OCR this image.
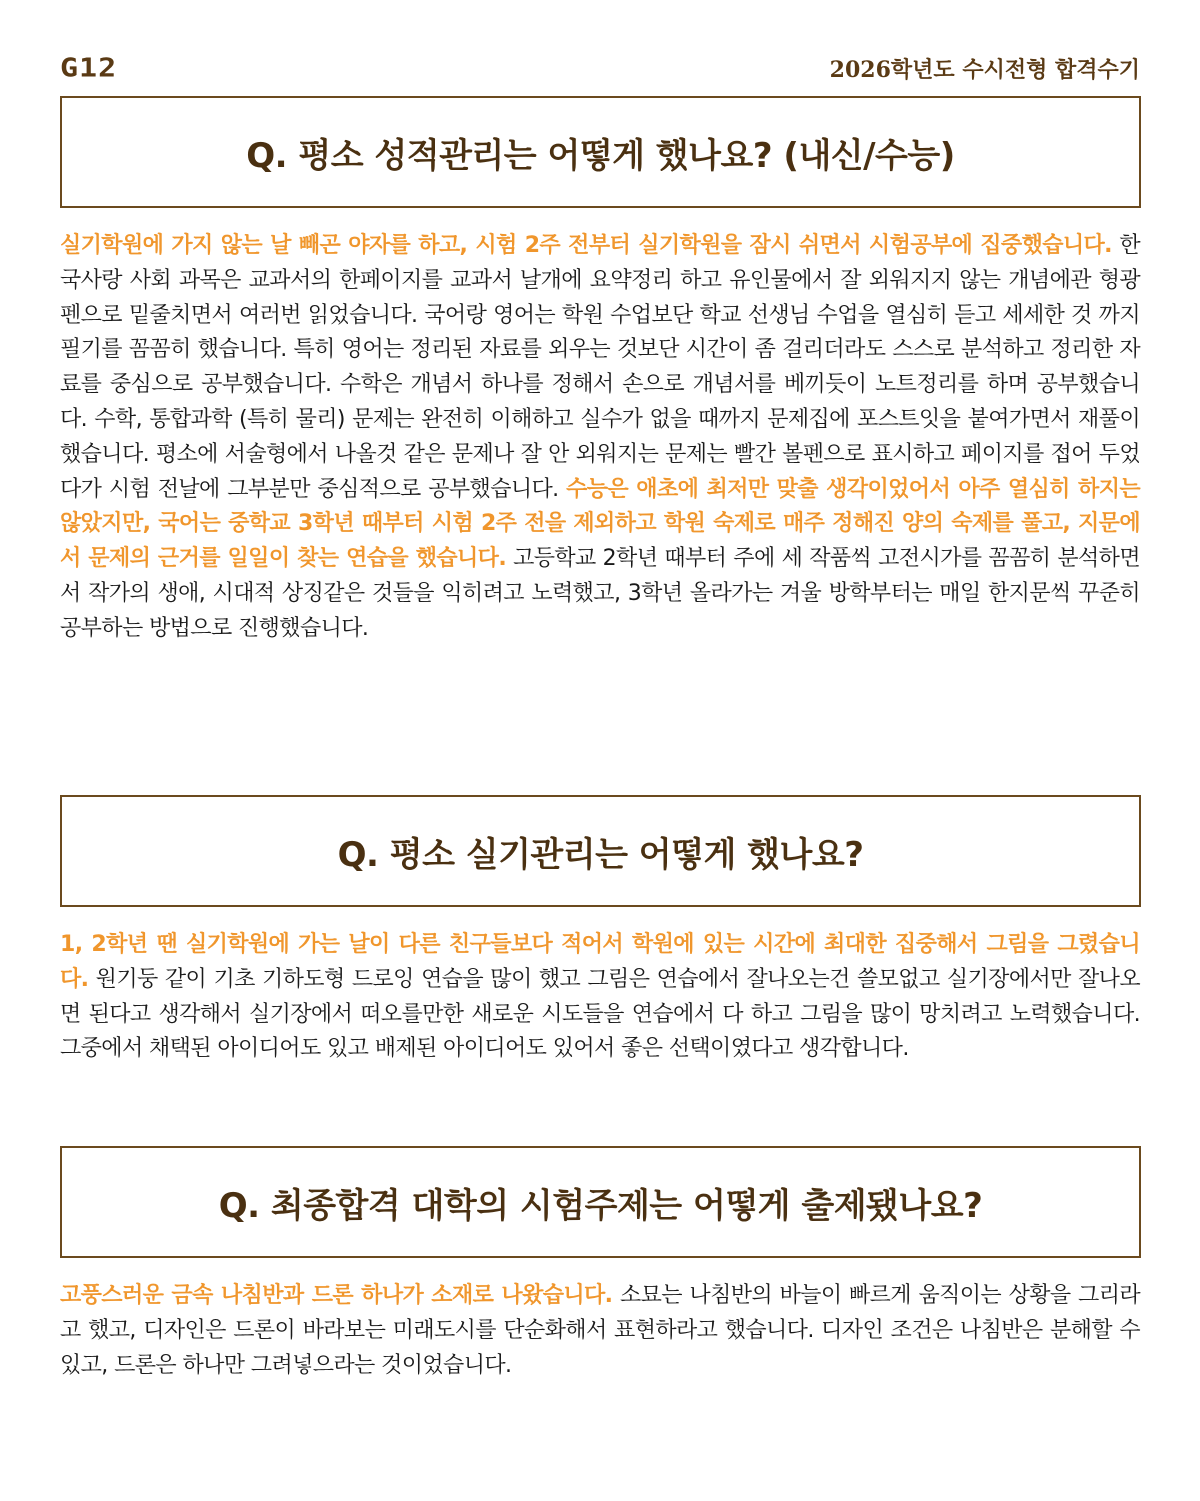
G12	2026학년도 수시전형 합격수기
Q. 평소 성적관리는 어떻게 했나요? (내신/수능)

실기학원에 가지 않는 날 빼곤 야자를 하고, 시험 2주 전부터 실기학원을 잠시 쉬면서 시험공부에 집중했습니다. 한국사랑 사회 과목은 교과서의 한페이지를 교과서 날개에 요약정리 하고 유인물에서 잘 외워지지 않는 개념에관 형광펜으로 밑줄치면서 여러번 읽었습니다. 국어랑 영어는 학원 수업보단 학교 선생님 수업을 열심히 듣고 세세한 것 까지 필기를 꼼꼼히 했습니다. 특히 영어는 정리된 자료를 외우는 것보단 시간이 좀 걸리더라도 스스로 분석하고 정리한 자료를 중심으로 공부했습니다. 수학은 개념서 하나를 정해서 손으로 개념서를 베끼듯이 노트정리를 하며 공부했습니다. 수학, 통합과학 (특히 물리) 문제는 완전히 이해하고 실수가 없을 때까지 문제집에 포스트잇을 붙여가면서 재풀이했습니다. 평소에 서술형에서 나올것 같은 문제나 잘 안 외워지는 문제는 빨간 볼펜으로 표시하고 페이지를 접어 두었다가 시험 전날에 그부분만 중심적으로 공부했습니다. 수능은 애초에 최저만 맞출 생각이었어서 아주 열심히 하지는 않았지만, 국어는 중학교 3학년 때부터 시험 2주 전을 제외하고 학원 숙제로 매주 정해진 양의 숙제를 풀고, 지문에서 문제의 근거를 일일이 찾는 연습을 했습니다. 고등학교 2학년 때부터 주에 세 작품씩 고전시가를 꼼꼼히 분석하면서 작가의 생애, 시대적 상징같은 것들을 익히려고 노력했고, 3학년 올라가는 겨울 방학부터는 매일 한지문씩 꾸준히 공부하는 방법으로 진행했습니다.

Q. 평소 실기관리는 어떻게 했나요?

1, 2학년 땐 실기학원에 가는 날이 다른 친구들보다 적어서 학원에 있는 시간에 최대한 집중해서 그림을 그렸습니다. 원기둥 같이 기초 기하도형 드로잉 연습을 많이 했고 그림은 연습에서 잘나오는건 쓸모없고 실기장에서만 잘나오면 된다고 생각해서 실기장에서 떠오를만한 새로운 시도들을 연습에서 다 하고 그림을 많이 망치려고 노력했습니다. 그중에서 채택된 아이디어도 있고 배제된 아이디어도 있어서 좋은 선택이였다고 생각합니다.

Q. 최종합격 대학의 시험주제는 어떻게 출제됐나요?

고풍스러운 금속 나침반과 드론 하나가 소재로 나왔습니다. 소묘는 나침반의 바늘이 빠르게 움직이는 상황을 그리라고 했고, 디자인은 드론이 바라보는 미래도시를 단순화해서 표현하라고 했습니다. 디자인 조건은 나침반은 분해할 수 있고, 드론은 하나만 그려넣으라는 것이었습니다.
